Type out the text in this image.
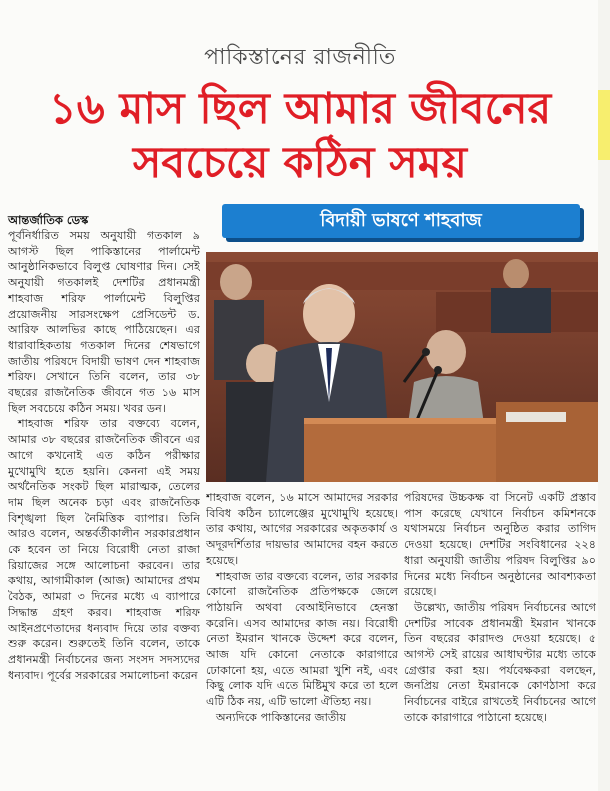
পাকিস্তানের রাজনীতি
১৬ মাস ছিল আমার জীবনের
সবচেয়ে কঠিন সময়
আন্তর্জাতিক ডেস্ক	বিদায়ী ভাষণে শাহবাজ

পূর্বনির্ধারিত সময় অনুযায়ী গতকাল ৯ আগস্ট ছিল পাকিস্তানের পার্লামেন্ট আনুষ্ঠানিকভাবে বিলুপ্ত ঘোষণার দিন। সেই অনুযায়ী গতকালই দেশটির প্রধানমন্ত্রী শাহবাজ শরিফ পার্লামেন্ট বিলুপ্তির প্রয়োজনীয় সারসংক্ষেপ প্রেসিডেন্ট ড. আরিফ আলভির কাছে পাঠিয়েছেন। এর ধারাবাহিকতায় গতকাল দিনের শেষভাগে জাতীয় পরিষদে বিদায়ী ভাষণ দেন শাহবাজ শরিফ। সেখানে তিনি বলেন, তার ৩৮ বছরের রাজনৈতিক জীবনে গত ১৬ মাস ছিল সবচেয়ে কঠিন সময়। খবর ডন।

শাহবাজ শরিফ তার বক্তব্যে বলেন, আমার ৩৮ বছরের রাজনৈতিক জীবনে এর আগে কখনোই এত কঠিন পরীক্ষার মুখোমুখি হতে হয়নি। কেননা এই সময় অর্থনৈতিক সংকট ছিল মারাত্মক, তেলের দাম ছিল অনেক চড়া এবং রাজনৈতিক বিশৃঙ্খলা ছিল নৈমিত্তিক ব্যাপার। তিনি আরও বলেন, অন্তর্বর্তীকালীন সরকারপ্রধান কে হবেন তা নিয়ে বিরোধী নেতা রাজা রিয়াজের সঙ্গে আলোচনা করবেন। তার কথায়, আগামীকাল (আজ) আমাদের প্রথম বৈঠক, আমরা ৩ দিনের মধ্যে এ ব্যাপারে সিদ্ধান্ত গ্রহণ করব। শাহবাজ শরিফ আইনপ্রণেতাদের ধন্যবাদ দিয়ে তার বক্তব্য শুরু করেন। শুরুতেই তিনি বলেন, তাকে প্রধানমন্ত্রী নির্বাচনের জন্য সংসদ সদস্যদের ধন্যবাদ। পূর্বের সরকারের সমালোচনা করেন

শাহবাজ বলেন, ১৬ মাসে আমাদের সরকার বিবিধ কঠিন চ্যালেঞ্জের মুখোমুখি হয়েছে। তার কথায়, আগের সরকারের অকৃতকার্য ও অদূরদর্শিতার দায়ভার আমাদের বহন করতে হয়েছে।

শাহবাজ তার বক্তব্যে বলেন, তার সরকার কোনো রাজনৈতিক প্রতিপক্ষকে জেলে পাঠায়নি অথবা বেআইনিভাবে হেনস্তা করেনি। এসব আমাদের কাজ নয়। বিরোধী নেতা ইমরান খানকে উদ্দেশ করে বলেন, আজ যদি কোনো নেতাকে কারাগারে ঢোকানো হয়, এতে আমরা খুশি নই, এবং কিছু লোক যদি এতে মিষ্টিমুখ করে তা হলে এটি ঠিক নয়, এটি ভালো ঐতিহ্য নয়।

অন্যদিকে পাকিস্তানের জাতীয়

পরিষদের উচ্চকক্ষ বা সিনেট একটি প্রস্তাব পাস করেছে যেখানে নির্বাচন কমিশনকে যথাসময়ে নির্বাচন অনুষ্ঠিত করার তাগিদ দেওয়া হয়েছে। দেশটির সংবিধানের ২২৪ ধারা অনুযায়ী জাতীয় পরিষদ বিলুপ্তির ৯০ দিনের মধ্যে নির্বাচন অনুষ্ঠানের আবশ্যকতা রয়েছে।

উল্লেখ্য, জাতীয় পরিষদ নির্বাচনের আগে দেশটির সাবেক প্রধানমন্ত্রী ইমরান খানকে তিন বছরের কারাদণ্ড দেওয়া হয়েছে। ৫ আগস্ট সেই রায়ের আধাঘণ্টার মধ্যে তাকে গ্রেপ্তার করা হয়। পর্যবেক্ষকরা বলছেন, জনপ্রিয় নেতা ইমরানকে কোণঠাসা করে নির্বাচনের বাইরে রাখতেই নির্বাচনের আগে তাকে কারাগারে পাঠানো হয়েছে।
